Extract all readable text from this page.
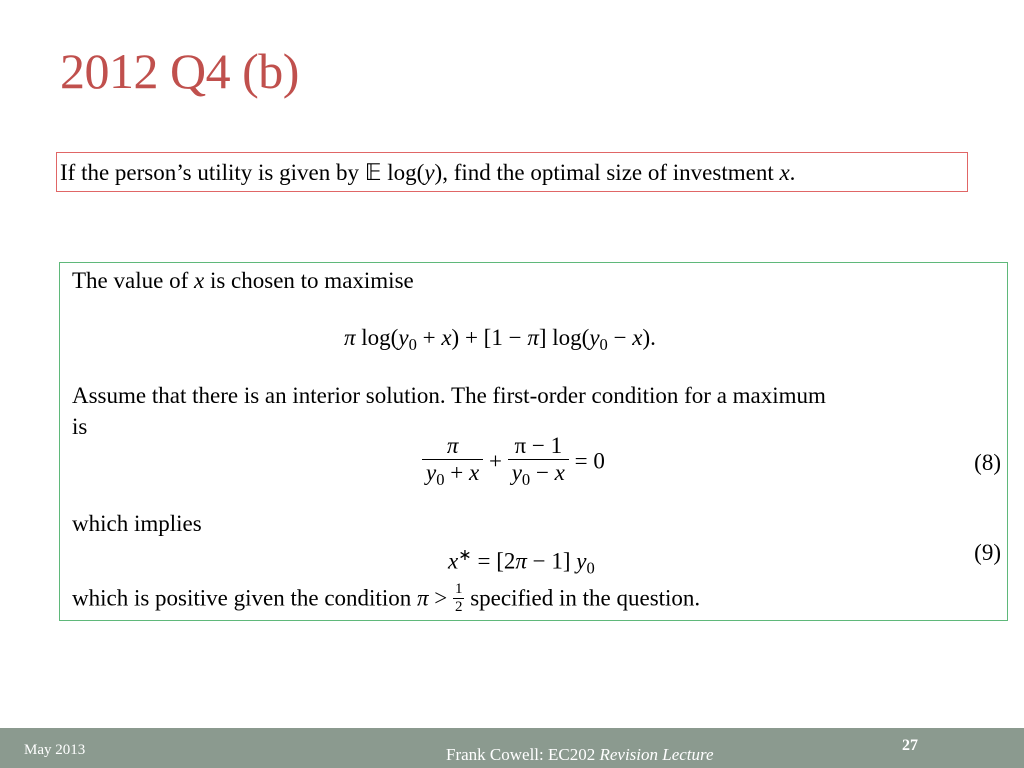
2012 Q4 (b)
If the person’s utility is given by 𝔼 log(y), find the optimal size of investment x.
The value of x is chosen to maximise
π $\log(y_0 + x) + [1 - \pi] \log(y_0 - x)$.
Assume that there is an interior solution. The first-order condition for a maximum
is
$\frac{\pi}{y_0 + x} + \frac{\pi - 1}{y_0 - x} = 0$	(8)
which implies
x∗ = [2π − 1] $y_0$
(9)
which is positive given the condition $\pi > \frac{1}{2}$ specified in the question.
May 2013	Frank Cowell: EC202 Revision Lecture	27
